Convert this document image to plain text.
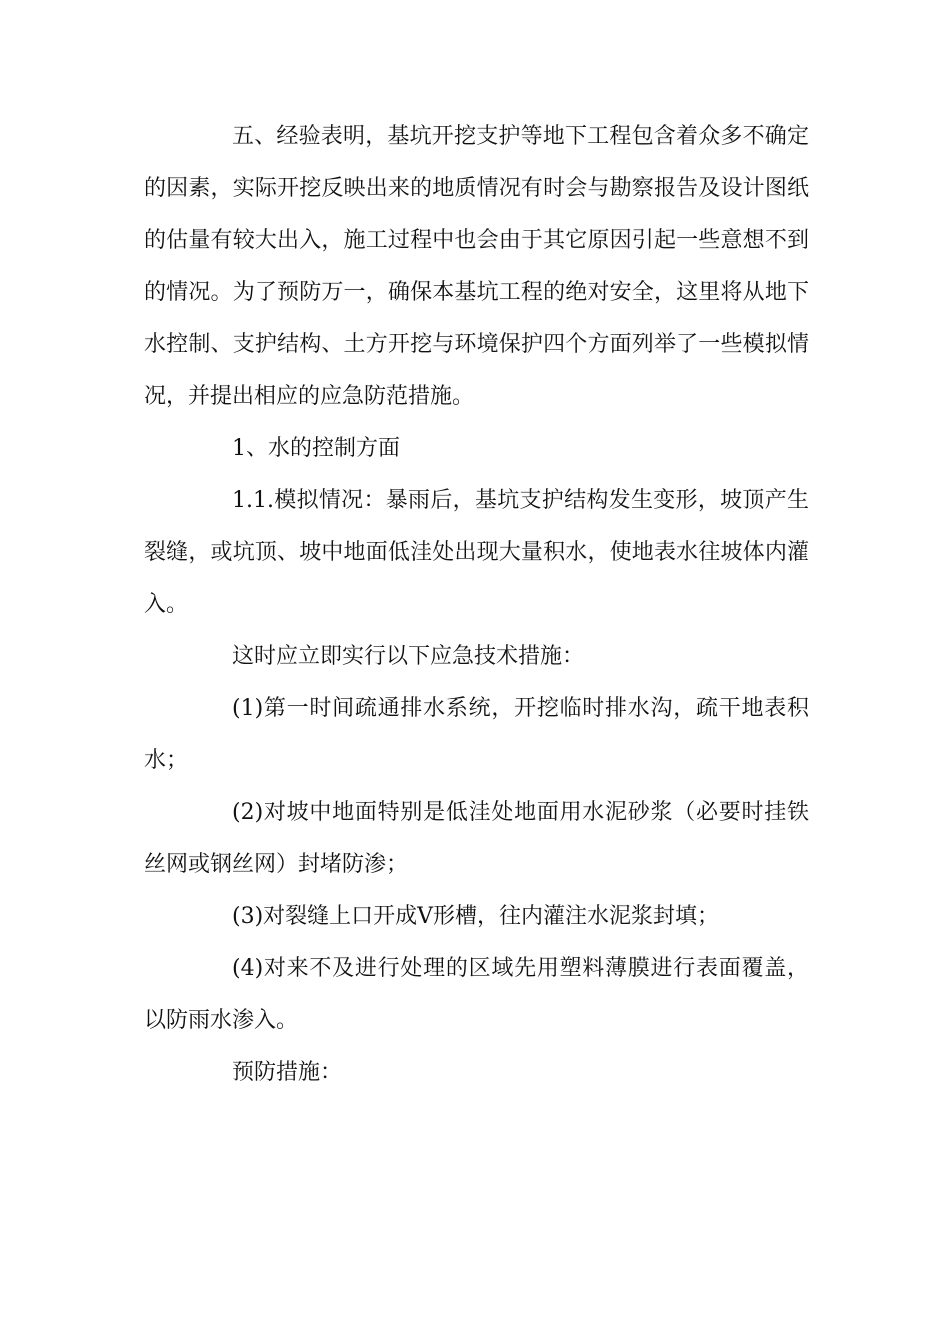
五、经验表明，基坑开挖支护等地下工程包含着众多不确定的因素，实际开挖反映出来的地质情况有时会与勘察报告及设计图纸的估量有较大出入，施工过程中也会由于其它原因引起一些意想不到的情况。为了预防万一，确保本基坑工程的绝对安全，这里将从地下水控制、支护结构、土方开挖与环境保护四个方面列举了一些模拟情况，并提出相应的应急防范措施。

1、水的控制方面

1.1.模拟情况：暴雨后，基坑支护结构发生变形，坡顶产生裂缝，或坑顶、坡中地面低洼处出现大量积水，使地表水往坡体内灌入。

这时应立即实行以下应急技术措施：

(1)第一时间疏通排水系统，开挖临时排水沟，疏干地表积水；

(2)对坡中地面特别是低洼处地面用水泥砂浆（必要时挂铁丝网或钢丝网）封堵防渗；

(3)对裂缝上口开成V形槽，往内灌注水泥浆封填；

(4)对来不及进行处理的区域先用塑料薄膜进行表面覆盖，以防雨水渗入。

预防措施：
